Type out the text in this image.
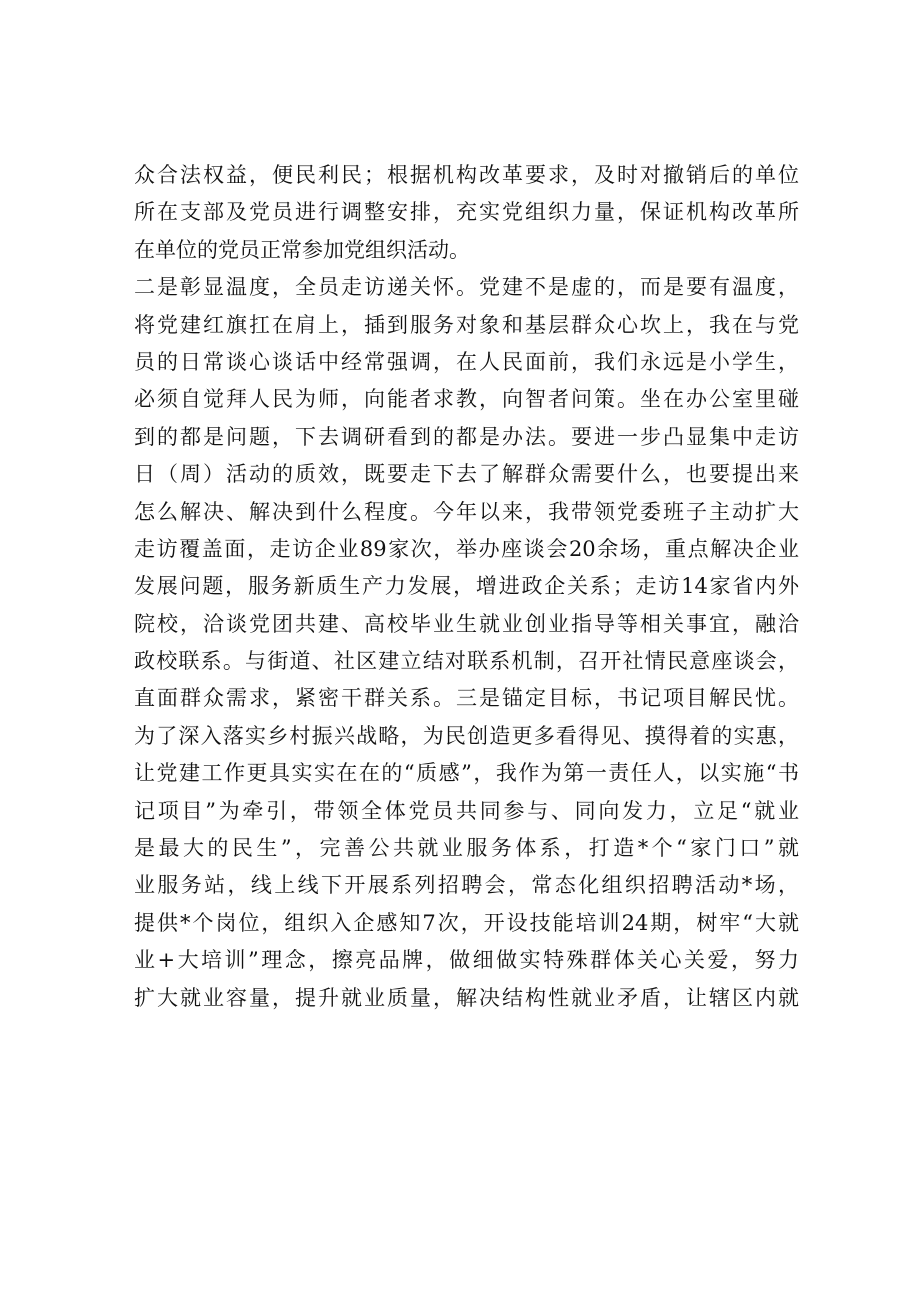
众合法权益，便民利民；根据机构改革要求，及时对撤销后的单位
所在支部及党员进行调整安排，充实党组织力量，保证机构改革所
在单位的党员正常参加党组织活动。
二是彰显温度，全员走访递关怀。党建不是虚的，而是要有温度，
将党建红旗扛在肩上，插到服务对象和基层群众心坎上，我在与党
员的日常谈心谈话中经常强调，在人民面前，我们永远是小学生，
必须自觉拜人民为师，向能者求教，向智者问策。坐在办公室里碰
到的都是问题，下去调研看到的都是办法。要进一步凸显集中走访
日（周）活动的质效，既要走下去了解群众需要什么，也要提出来
怎么解决、解决到什么程度。今年以来，我带领党委班子主动扩大
走访覆盖面，走访企业89家次，举办座谈会20余场，重点解决企业
发展问题，服务新质生产力发展，增进政企关系；走访14家省内外
院校，洽谈党团共建、高校毕业生就业创业指导等相关事宜，融洽
政校联系。与街道、社区建立结对联系机制，召开社情民意座谈会，
直面群众需求，紧密干群关系。三是锚定目标，书记项目解民忧。
为了深入落实乡村振兴战略，为民创造更多看得见、摸得着的实惠，
让党建工作更具实实在在的“质感”，我作为第一责任人，以实施“书
记项目”为牵引，带领全体党员共同参与、同向发力，立足“就业
是最大的民生”，完善公共就业服务体系，打造*个“家门口”就
业服务站，线上线下开展系列招聘会，常态化组织招聘活动*场，
提供*个岗位，组织入企感知7次，开设技能培训24期，树牢“大就
业+大培训”理念，擦亮品牌，做细做实特殊群体关心关爱，努力
扩大就业容量，提升就业质量，解决结构性就业矛盾，让辖区内就
